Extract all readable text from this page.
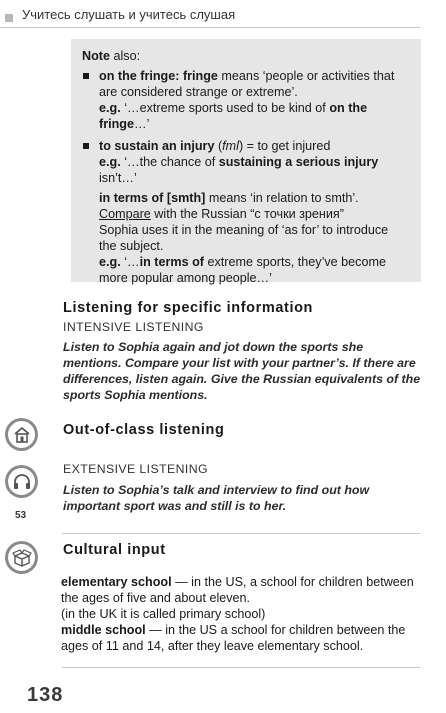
Учитесь слушать и учитесь слушая
Note also:

on the fringe: fringe means ‘people or activities that are considered strange or extreme’.

e.g. ‘…extreme sports used to be kind of on the fringe…’

to sustain an injury (fml) = to get injured

e.g. ‘…the chance of sustaining a serious injury isn’t…’

in terms of [smth] means ‘in relation to smth’.

Compare with the Russian “с точки зрения”

Sophia uses it in the meaning of ‘as for’ to introduce the subject.

e.g. ‘…in terms of extreme sports, they’ve become more popular among people…’

Listening for specific information
INTENSIVE LISTENING
Listen to Sophia again and jot down the sports she mentions. Compare your list with your partner’s. If there are differences, listen again. Give the Russian equivalents of the sports Sophia mentions.
Out-of-class listening
53
EXTENSIVE LISTENING
Listen to Sophia’s talk and interview to find out how important sport was and still is to her.
Cultural input

elementary school — in the US, a school for children between the ages of five and about eleven.

(in the UK it is called primary school)

middle school — in the US a school for children between the ages of 11 and 14, after they leave elementary school.

138
